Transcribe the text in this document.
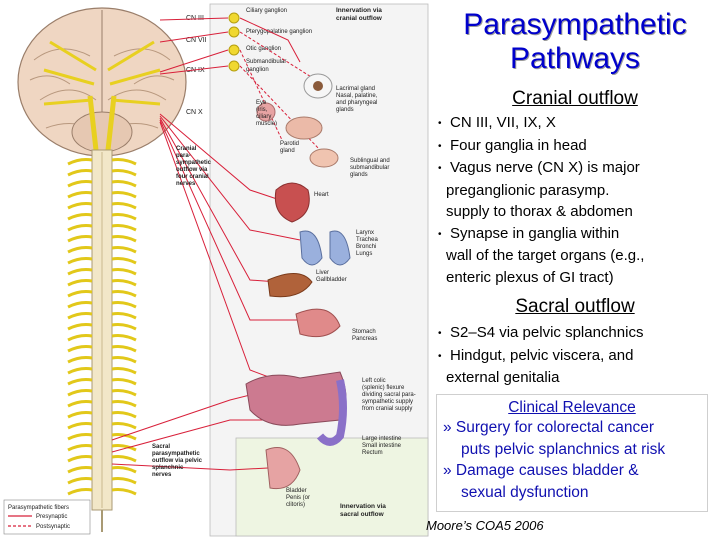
CN III
CN VII
CN IX
CN X
Ciliary ganglion
Pterygopalatine ganglion
Otic ganglion
Submandibular
ganglion
Innervation via
cranial outflow
Lacrimal gland
Nasal, palatine,
and pharyngeal
glands
Eye
(iris,
ciliary
muscle)
Parotid
gland
Sublingual and
submandibular
glands
Heart
Larynx
Trachea
Bronchi
Lungs
Liver
Gallbladder
Stomach
Pancreas
Left colic
(splenic) flexure
dividing sacral para-
sympathetic supply
from cranial supply
Large intestine
Small intestine
Rectum
Bladder
Penis (or
clitoris)	Innervation via
sacral outflow
Cranial
para-
sympathetic
outflow via
four cranial
nerves
Sacral
parasympathetic
outflow via pelvic
splanchnic
nerves
Parasympathetic fibers
Presynaptic
Postsynaptic
Parasympathetic
Pathways
Cranial outflow
• CN III, VII, IX, X
• Four ganglia in head
• Vagus nerve (CN X) is major
preganglionic parasymp.
supply to thorax & abdomen
• Synapse in ganglia within
wall of the target organs (e.g.,
enteric plexus of GI tract)
Sacral outflow
• S2–S4 via pelvic splanchnics
• Hindgut, pelvic viscera, and
external genitalia
Clinical Relevance
» Surgery for colorectal cancer
puts pelvic splanchnics at risk
» Damage causes bladder &
sexual dysfunction
Moore’s COA5 2006
